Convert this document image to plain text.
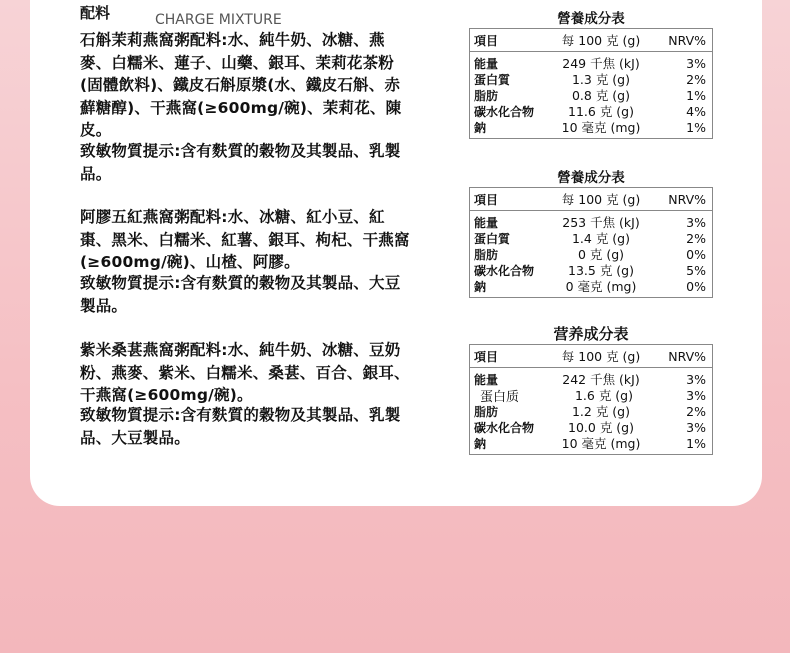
配料	CHARGE MIXTURE
石斛茉莉燕窩粥配料:水、純牛奶、冰糖、燕麥、白糯米、蓮子、山藥、銀耳、茉莉花茶粉(固體飲料)、鐵皮石斛原漿(水、鐵皮石斛、赤蘚糖醇)、干燕窩(≥600mg/碗)、茉莉花、陳皮。
致敏物質提示:含有麩質的穀物及其製品、乳製品。
阿膠五紅燕窩粥配料:水、冰糖、紅小豆、紅棗、黑米、白糯米、紅薯、銀耳、枸杞、干燕窩(≥600mg/碗)、山楂、阿膠。
致敏物質提示:含有麩質的穀物及其製品、大豆製品。
紫米桑葚燕窩粥配料:水、純牛奶、冰糖、豆奶粉、燕麥、紫米、白糯米、桑葚、百合、銀耳、干燕窩(≥600mg/碗)。
致敏物質提示:含有麩質的穀物及其製品、乳製品、大豆製品。
營養成分表
項目	每 100 克 (g)	NRV%
能量	249 千焦 (kJ)	3%
蛋白質	1.3 克 (g)	2%
脂肪	0.8 克 (g)	1%
碳水化合物	11.6 克 (g)	4%
鈉	10 毫克 (mg)	1%
營養成分表
項目	每 100 克 (g)	NRV%
能量	253 千焦 (kJ)	3%
蛋白質	1.4 克 (g)	2%
脂肪	0 克 (g)	0%
碳水化合物	13.5 克 (g)	5%
鈉	0 毫克 (mg)	0%
营养成分表
項目	每 100 克 (g)	NRV%
能量	242 千焦 (kJ)	3%
蛋白质	1.6 克 (g)	3%
脂肪	1.2 克 (g)	2%
碳水化合物	10.0 克 (g)	3%
鈉	10 毫克 (mg)	1%
